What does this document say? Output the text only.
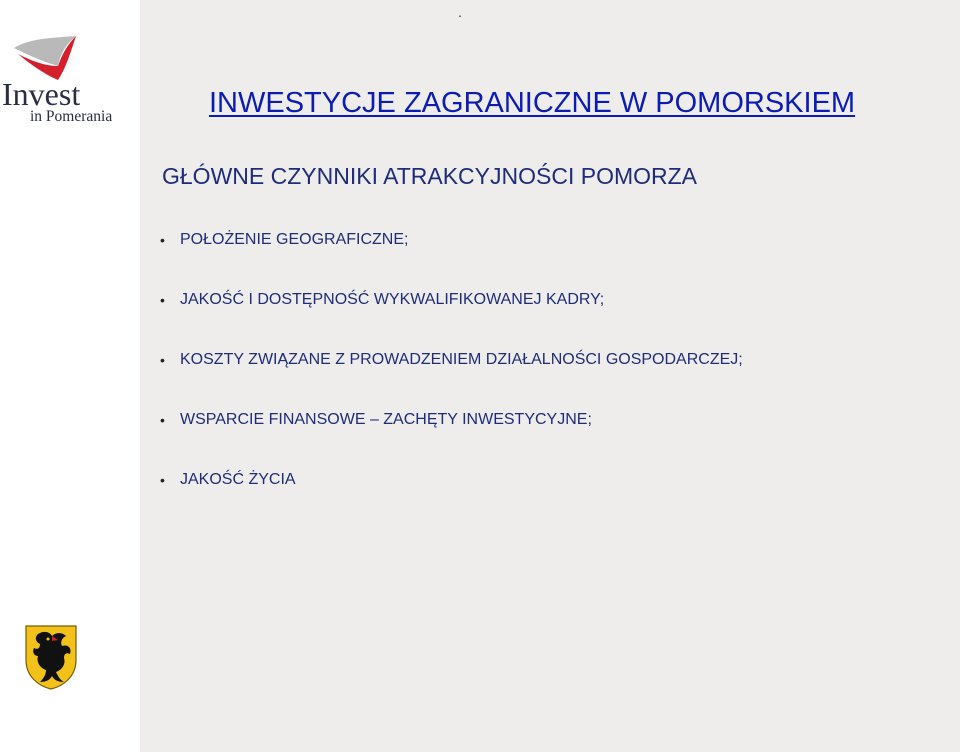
Invest
in Pomerania
.
INWESTYCJE ZAGRANICZNE W POMORSKIEM
GŁÓWNE CZYNNIKI ATRAKCYJNOŚCI POMORZA
• POŁOŻENIE GEOGRAFICZNE;
• JAKOŚĆ I DOSTĘPNOŚĆ WYKWALIFIKOWANEJ KADRY;
• KOSZTY ZWIĄZANE Z PROWADZENIEM DZIAŁALNOŚCI GOSPODARCZEJ;
• WSPARCIE FINANSOWE – ZACHĘTY INWESTYCYJNE;
• JAKOŚĆ ŻYCIA
